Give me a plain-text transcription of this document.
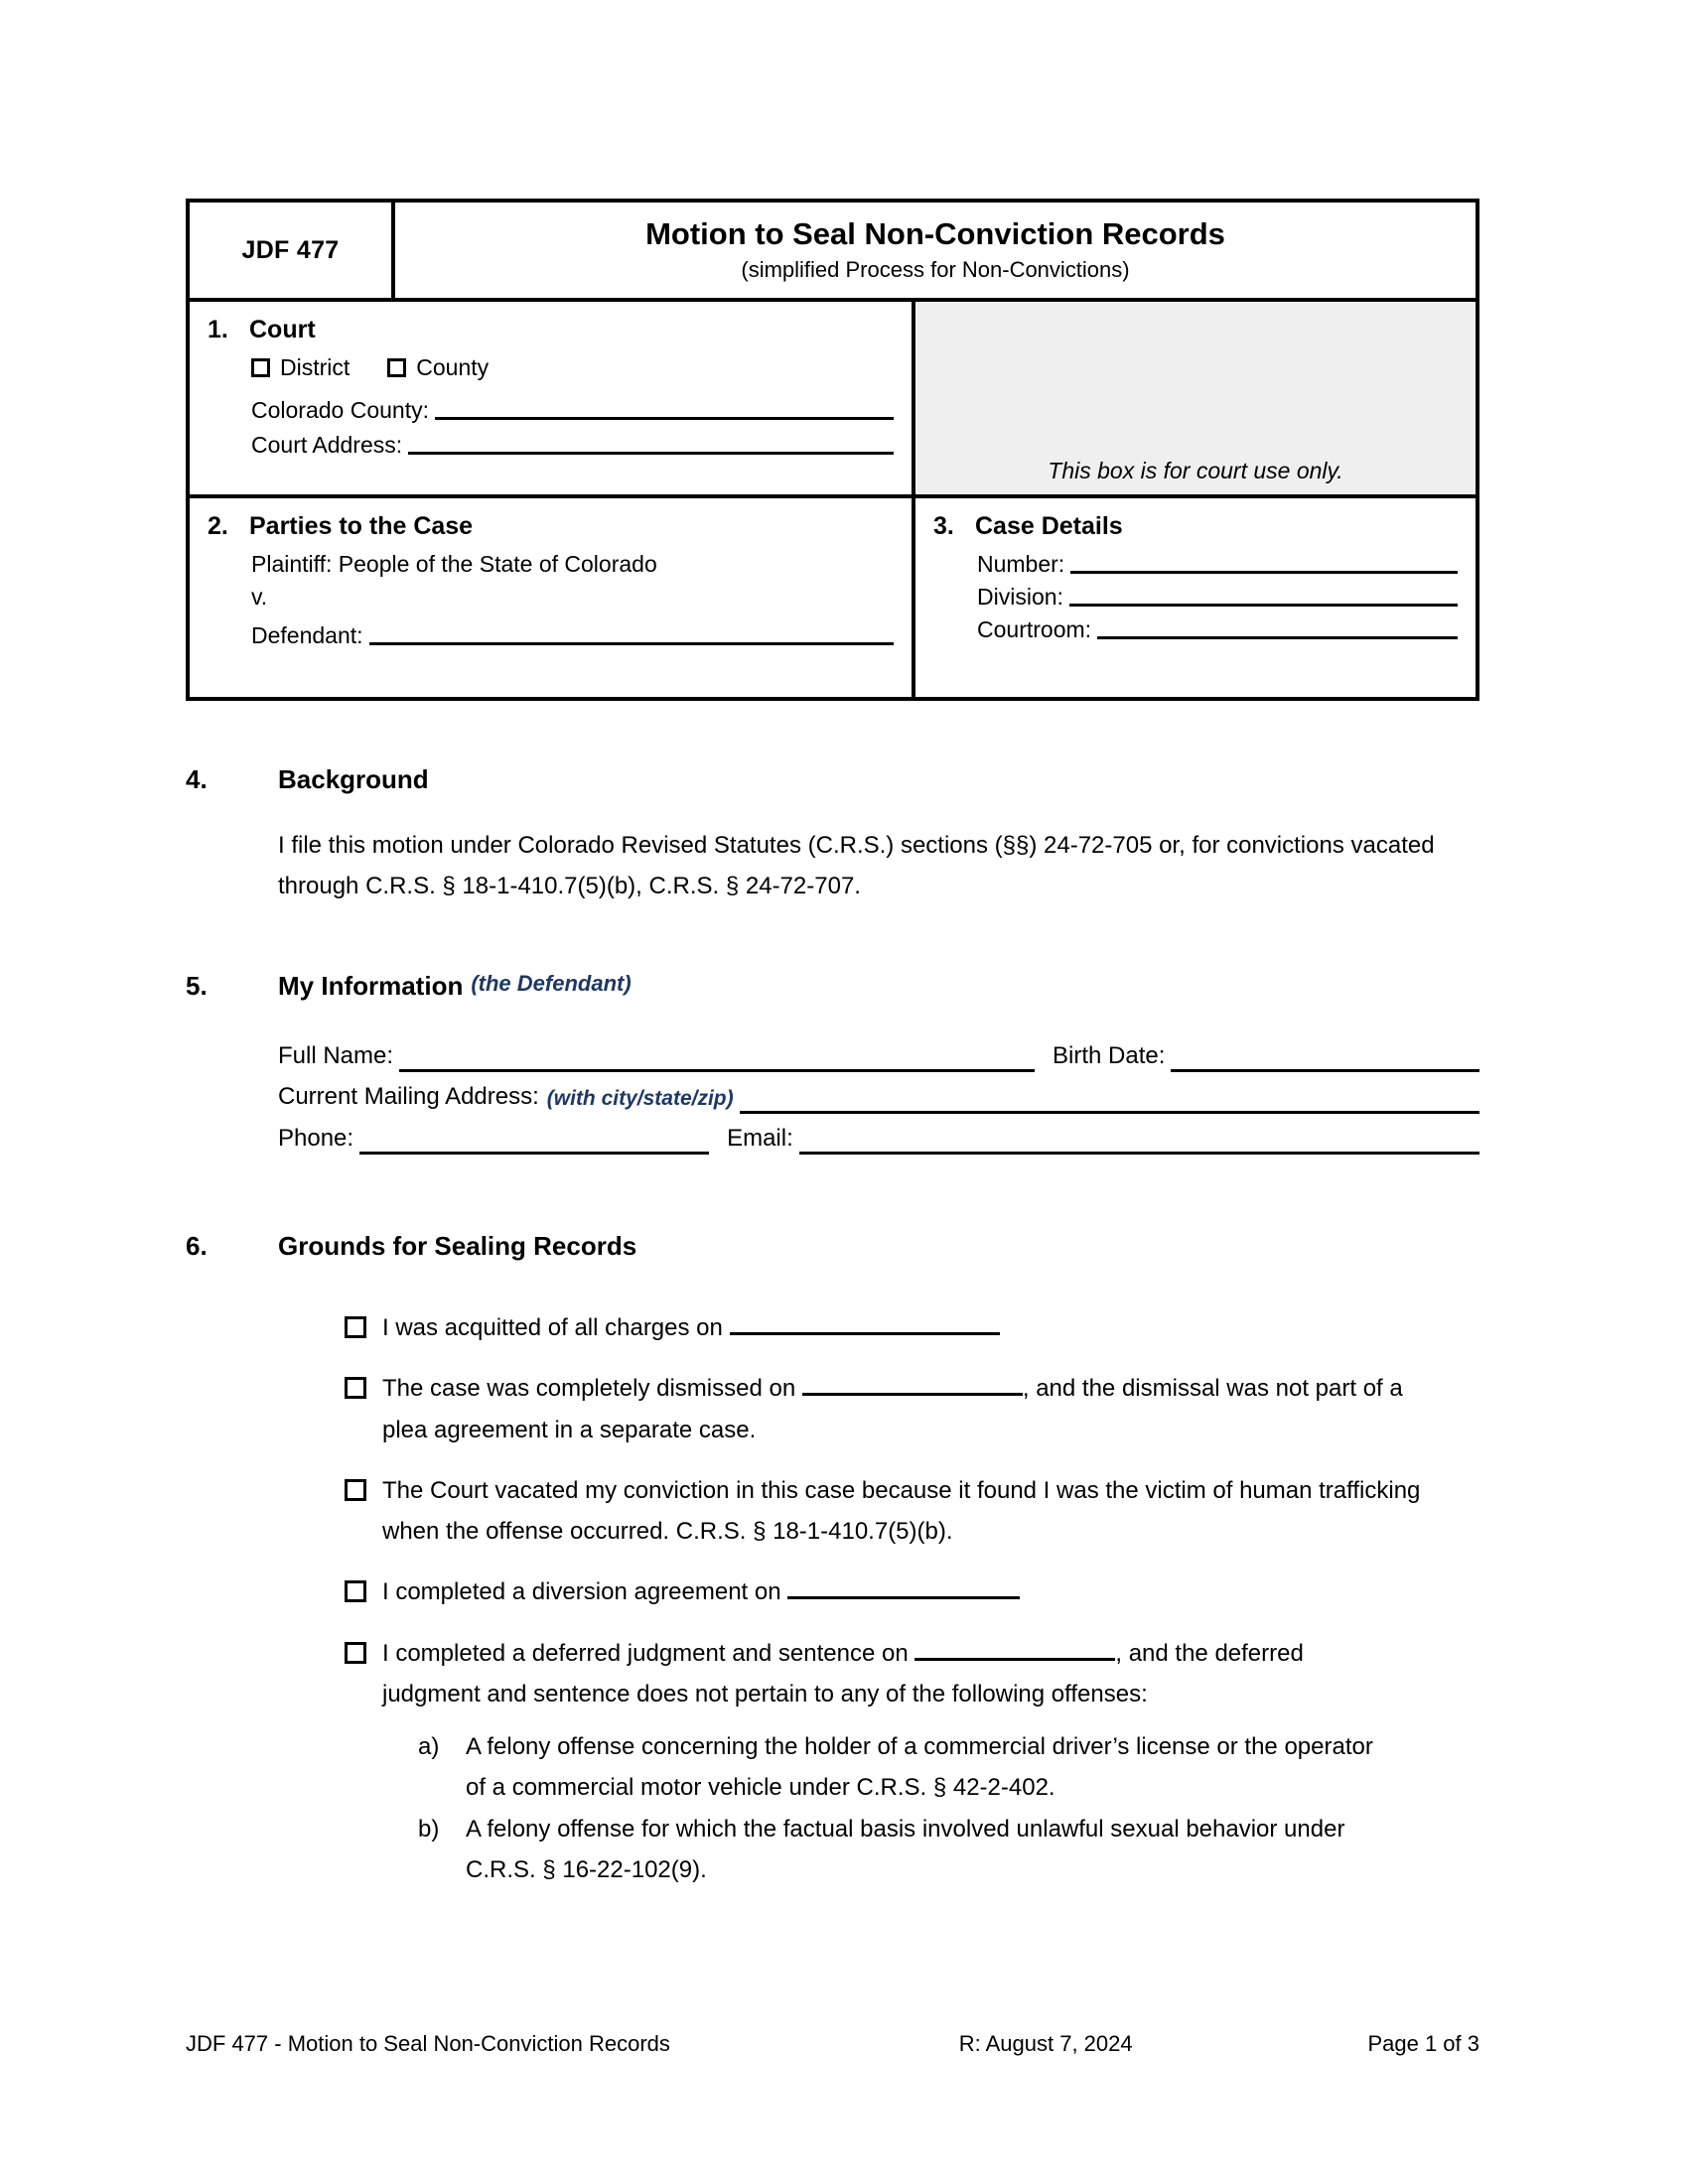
JDF 477	Motion to Seal Non-Conviction Records
(simplified Process for Non-Convictions)
1. Court
District	County
Colorado County:
Court Address:
2. Parties to the Case
Plaintiff: People of the State of Colorado
v.
Defendant:
This box is for court use only.
3. Case Details
Number:
Division:
Courtroom:
4.	Background
I file this motion under Colorado Revised Statutes (C.R.S.) sections (§§) 24-72-705 or, for convictions vacated through C.R.S. § 18-1-410.7(5)(b), C.R.S. § 24-72-707.
5.	My Information (the Defendant)
Full Name:	Birth Date:
Current Mailing Address: (with city/state/zip)
Phone:	Email:
6.	Grounds for Sealing Records
I was acquitted of all charges on
The case was completely dismissed on	, and the dismissal was not part of a plea agreement in a separate case.
The Court vacated my conviction in this case because it found I was the victim of human trafficking when the offense occurred. C.R.S. § 18-1-410.7(5)(b).
I completed a diversion agreement on
I completed a deferred judgment and sentence on	, and the deferred judgment and sentence does not pertain to any of the following offenses:
a)	A felony offense concerning the holder of a commercial driver’s license or the operator of a commercial motor vehicle under C.R.S. § 42-2-402.
b)	A felony offense for which the factual basis involved unlawful sexual behavior under C.R.S. § 16-22-102(9).
JDF 477 - Motion to Seal Non-Conviction Records	R: August 7, 2024	Page 1 of 3
